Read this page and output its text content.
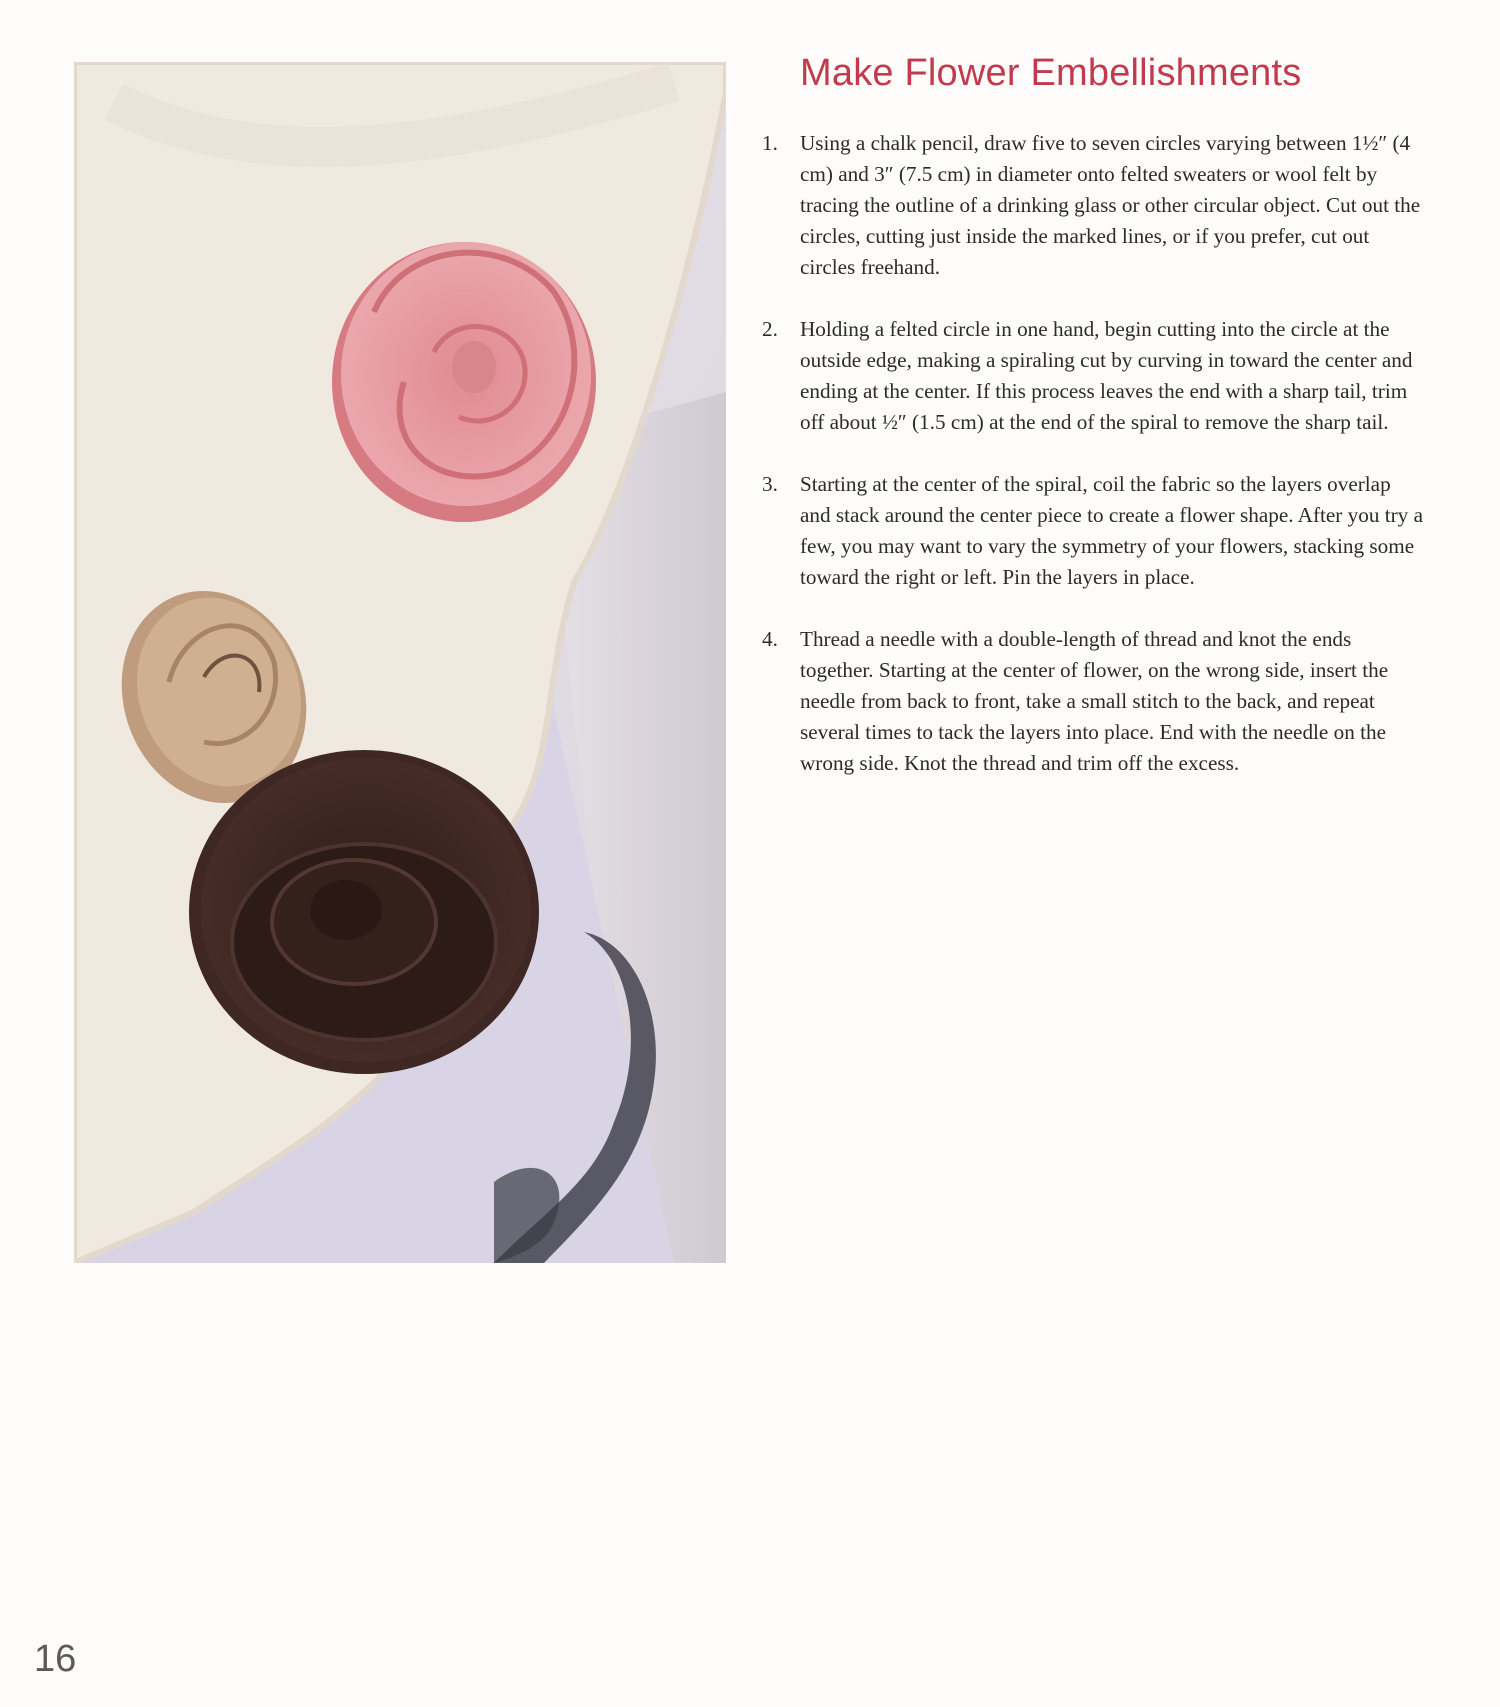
Make Flower Embellishments
1. Using a chalk pencil, draw five to seven circles varying between 1½″ (4 cm) and 3″ (7.5 cm) in diameter onto felted sweaters or wool felt by tracing the outline of a drinking glass or other circular object. Cut out the circles, cutting just inside the marked lines, or if you prefer, cut out circles freehand.
2. Holding a felted circle in one hand, begin cutting into the circle at the outside edge, making a spiraling cut by curving in toward the center and ending at the center. If this process leaves the end with a sharp tail, trim off about ½″ (1.5 cm) at the end of the spiral to remove the sharp tail.
3. Starting at the center of the spiral, coil the fabric so the layers overlap and stack around the center piece to create a flower shape. After you try a few, you may want to vary the symmetry of your flowers, stacking some toward the right or left. Pin the layers in place.
4. Thread a needle with a double-length of thread and knot the ends together. Starting at the center of flower, on the wrong side, insert the needle from back to front, take a small stitch to the back, and repeat several times to tack the layers into place. End with the needle on the wrong side. Knot the thread and trim off the excess.
16
